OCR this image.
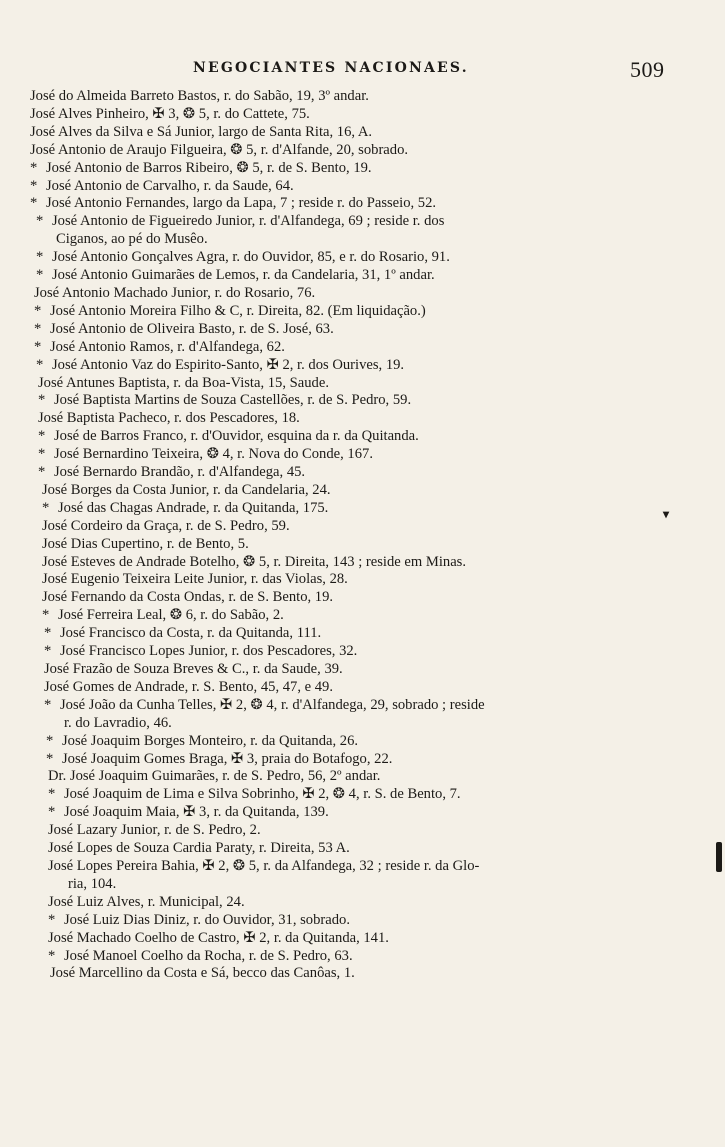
NEGOCIANTES NACIONAES.	509
José do Almeida Barreto Bastos, r. do Sabão, 19, 3º andar.
José Alves Pinheiro, ✠ 3, ❂ 5, r. do Cattete, 75.
José Alves da Silva e Sá Junior, largo de Santa Rita, 16, A.
José Antonio de Araujo Filgueira, ❂ 5, r. d'Alfande, 20, sobrado.
* José Antonio de Barros Ribeiro, ❂ 5, r. de S. Bento, 19.
* José Antonio de Carvalho, r. da Saude, 64.
* José Antonio Fernandes, largo da Lapa, 7 ; reside r. do Passeio, 52.
* José Antonio de Figueiredo Junior, r. d'Alfandega, 69 ; reside r. dos
Ciganos, ao pé do Musêo.
* José Antonio Gonçalves Agra, r. do Ouvidor, 85, e r. do Rosario, 91.
* José Antonio Guimarães de Lemos, r. da Candelaria, 31, 1º andar.
José Antonio Machado Junior, r. do Rosario, 76.
* José Antonio Moreira Filho & C, r. Direita, 82. (Em liquidação.)
* José Antonio de Oliveira Basto, r. de S. José, 63.
* José Antonio Ramos, r. d'Alfandega, 62.
* José Antonio Vaz do Espirito-Santo, ✠ 2, r. dos Ourives, 19.
José Antunes Baptista, r. da Boa-Vista, 15, Saude.
* José Baptista Martins de Souza Castellões, r. de S. Pedro, 59.
José Baptista Pacheco, r. dos Pescadores, 18.
* José de Barros Franco, r. d'Ouvidor, esquina da r. da Quitanda.
* José Bernardino Teixeira, ❂ 4, r. Nova do Conde, 167.
* José Bernardo Brandão, r. d'Alfandega, 45.
José Borges da Costa Junior, r. da Candelaria, 24.
* José das Chagas Andrade, r. da Quitanda, 175.
José Cordeiro da Graça, r. de S. Pedro, 59.
José Dias Cupertino, r. de Bento, 5.
José Esteves de Andrade Botelho, ❂ 5, r. Direita, 143 ; reside em Minas.
José Eugenio Teixeira Leite Junior, r. das Violas, 28.
José Fernando da Costa Ondas, r. de S. Bento, 19.
* José Ferreira Leal, ❂ 6, r. do Sabão, 2.
* José Francisco da Costa, r. da Quitanda, 111.
* José Francisco Lopes Junior, r. dos Pescadores, 32.
José Frazão de Souza Breves & C., r. da Saude, 39.
José Gomes de Andrade, r. S. Bento, 45, 47, e 49.
* José João da Cunha Telles, ✠ 2, ❂ 4, r. d'Alfandega, 29, sobrado ; reside
r. do Lavradio, 46.
* José Joaquim Borges Monteiro, r. da Quitanda, 26.
* José Joaquim Gomes Braga, ✠ 3, praia do Botafogo, 22.
Dr. José Joaquim Guimarães, r. de S. Pedro, 56, 2º andar.
* José Joaquim de Lima e Silva Sobrinho, ✠ 2, ❂ 4, r. S. de Bento, 7.
* José Joaquim Maia, ✠ 3, r. da Quitanda, 139.
José Lazary Junior, r. de S. Pedro, 2.
José Lopes de Souza Cardia Paraty, r. Direita, 53 A.
José Lopes Pereira Bahia, ✠ 2, ❂ 5, r. da Alfandega, 32 ; reside r. da Glo-
ria, 104.
José Luiz Alves, r. Municipal, 24.
* José Luiz Dias Diniz, r. do Ouvidor, 31, sobrado.
José Machado Coelho de Castro, ✠ 2, r. da Quitanda, 141.
* José Manoel Coelho da Rocha, r. de S. Pedro, 63.
José Marcellino da Costa e Sá, becco das Canôas, 1.
▾
